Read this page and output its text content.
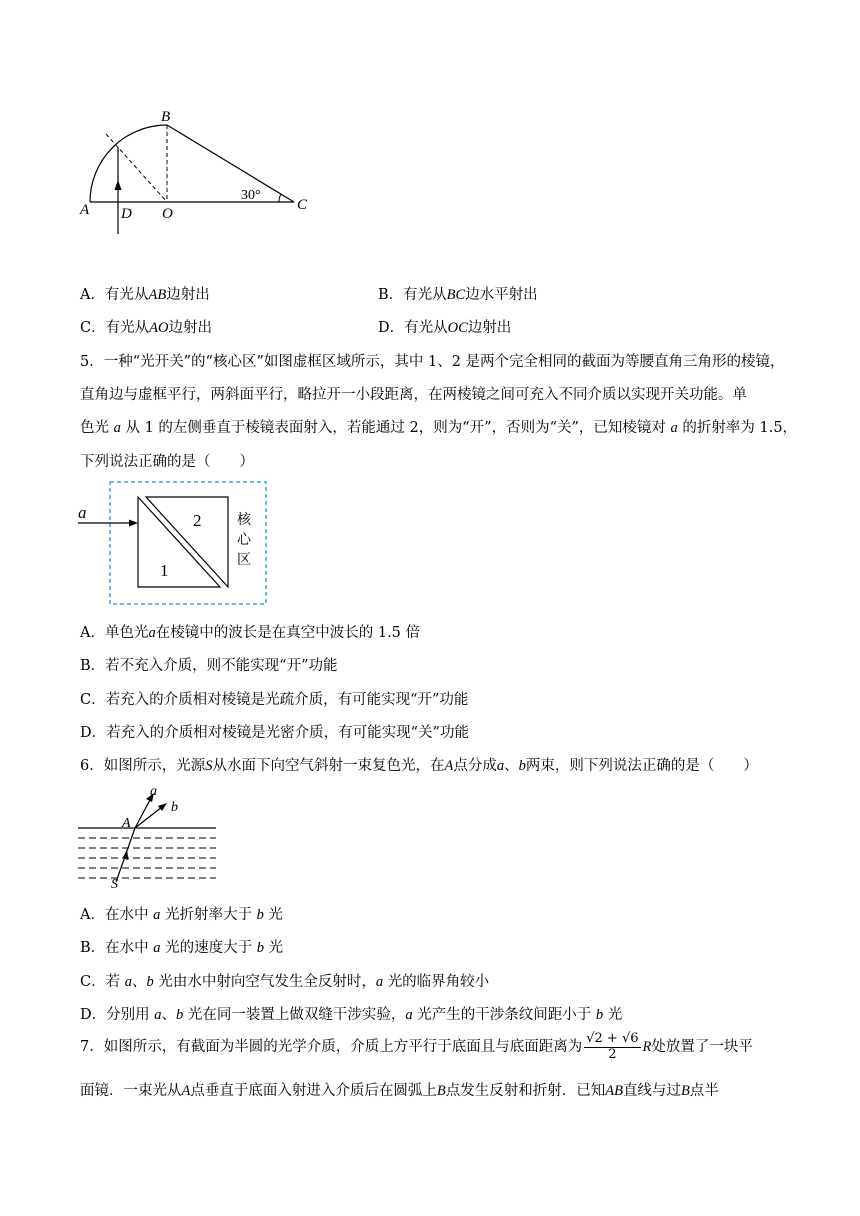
A
B
C
D O
30°
A．有光从AB边射出	B．有光从BC边水平射出
C．有光从AO边射出	D．有光从OC边射出
5．一种“光开关”的“核心区”如图虚框区域所示，其中 1、2 是两个完全相同的截面为等腰直角三角形的棱镜，
直角边与虚框平行，两斜面平行，略拉开一小段距离，在两棱镜之间可充入不同介质以实现开关功能。单
色光 a 从 1 的左侧垂直于棱镜表面射入，若能通过 2，则为“开”，否则为“关”，已知棱镜对 a 的折射率为 1.5，
下列说法正确的是（　　）
a
1
2	核
心
区
A．单色光a在棱镜中的波长是在真空中波长的 1.5 倍
B．若不充入介质，则不能实现“开”功能
C．若充入的介质相对棱镜是光疏介质，有可能实现“开”功能
D．若充入的介质相对棱镜是光密介质，有可能实现“关”功能
6．如图所示，光源S从水面下向空气斜射一束复色光，在A点分成a、b两束，则下列说法正确的是（　　）
a
b
A
S
A．在水中 a 光折射率大于 b 光
B．在水中 a 光的速度大于 b 光
C．若 a、b 光由水中射向空气发生全反射时，a 光的临界角较小
D．分别用 a、b 光在同一装置上做双缝干涉实验，a 光产生的干涉条纹间距小于 b 光
7．如图所示，有截面为半圆的光学介质，介质上方平行于底面且与底面距离为 $\frac{√2 + √6}{2}$ R处放置了一块平
面镜．一束光从A点垂直于底面入射进入介质后在圆弧上B点发生反射和折射．已知AB直线与过B点半
